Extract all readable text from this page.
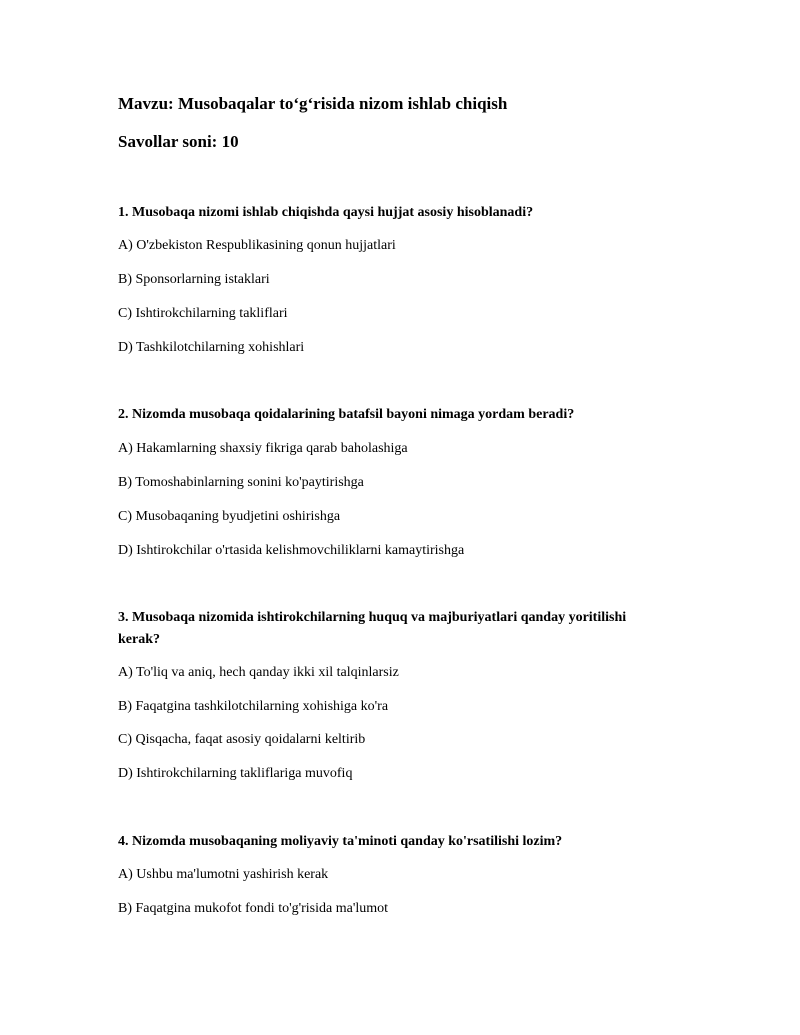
Mavzu: Musobaqalar to‘g‘risida nizom ishlab chiqish
Savollar soni: 10
1. Musobaqa nizomi ishlab chiqishda qaysi hujjat asosiy hisoblanadi?
A) O'zbekiston Respublikasining qonun hujjatlari
B) Sponsorlarning istaklari
C) Ishtirokchilarning takliflari
D) Tashkilotchilarning xohishlari
2. Nizomda musobaqa qoidalarining batafsil bayoni nimaga yordam beradi?
A) Hakamlarning shaxsiy fikriga qarab baholashiga
B) Tomoshabinlarning sonini ko'paytirishga
C) Musobaqaning byudjetini oshirishga
D) Ishtirokchilar o'rtasida kelishmovchiliklarni kamaytirishga
3. Musobaqa nizomida ishtirokchilarning huquq va majburiyatlari qanday yoritilishi kerak?
A) To'liq va aniq, hech qanday ikki xil talqinlarsiz
B) Faqatgina tashkilotchilarning xohishiga ko'ra
C) Qisqacha, faqat asosiy qoidalarni keltirib
D) Ishtirokchilarning takliflariga muvofiq
4. Nizomda musobaqaning moliyaviy ta'minoti qanday ko'rsatilishi lozim?
A) Ushbu ma'lumotni yashirish kerak
B) Faqatgina mukofot fondi to'g'risida ma'lumot
